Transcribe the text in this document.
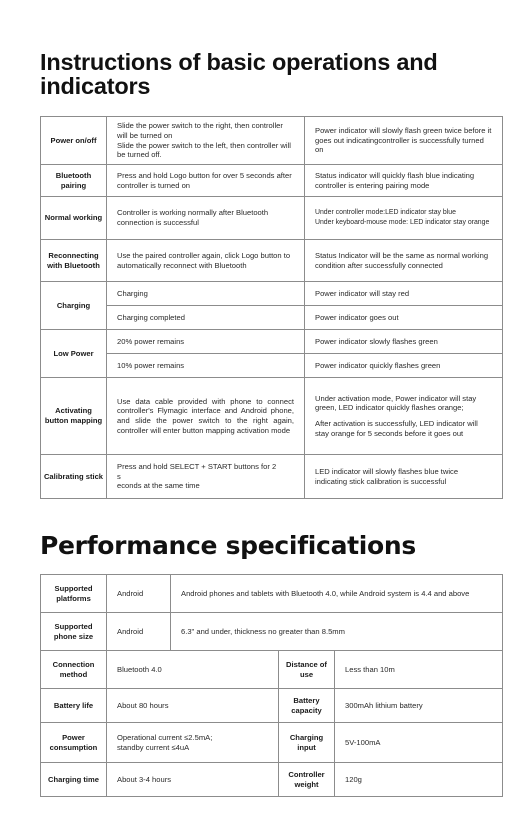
Instructions of basic operations and indicators
Power on/off	Slide the power switch to the right, then controller will be turned on

Slide the power switch to the left, then controller will be turned off.	Power indicator will slowly flash green twice before it goes out indicatingcontroller is successfully turned on
Bluetooth pairing	Press and hold Logo button for over 5 seconds after controller is turned on	Status indicator will quickly flash blue indicating controller is entering pairing mode
Normal working	Controller is working normally after Bluetooth connection is successful	Under controller mode:LED indicator stay blue

Under keyboard-mouse mode: LED indicator stay orange

Reconnecting with Bluetooth	Use the paired controller again, click Logo button to automatically reconnect with Bluetooth	Status Indicator will be the same as normal working condition after successfully connected
Charging	Charging	Power indicator will stay red
	Charging completed	Power indicator goes out
Low Power	20% power remains	Power indicator slowly flashes green
	10% power remains	Power indicator quickly flashes green
Activating button mapping	Use data cable provided with phone to connect controller's Flymagic interface and Android phone, and slide the power switch to the right again, controller will enter button mapping activation mode	Under activation mode, Power indicator will stay green, LED indicator quickly flashes orange;

After activation is successfully, LED indicator will stay orange for 5 seconds before it goes out

Calibrating stick	Press and hold SELECT + START buttons for 2

s

econds at the same time	LED indicator will slowly flashes blue twice indicating stick calibration is successful
Performance specifications
Supported platforms	Android	Android phones and tablets with Bluetooth 4.0, while Android system is 4.4 and above		
Supported phone size	Android	6.3" and under, thickness no greater than 8.5mm		
Connection method	Bluetooth 4.0		Distance of use	Less than 10m
Battery life	About 80 hours		Battery capacity	300mAh lithium battery
Power consumption	Operational current ≤2.5mA;

standby current ≤4uA		Charging input	5V-100mA
Charging time	About 3-4 hours		Controller weight	120g
